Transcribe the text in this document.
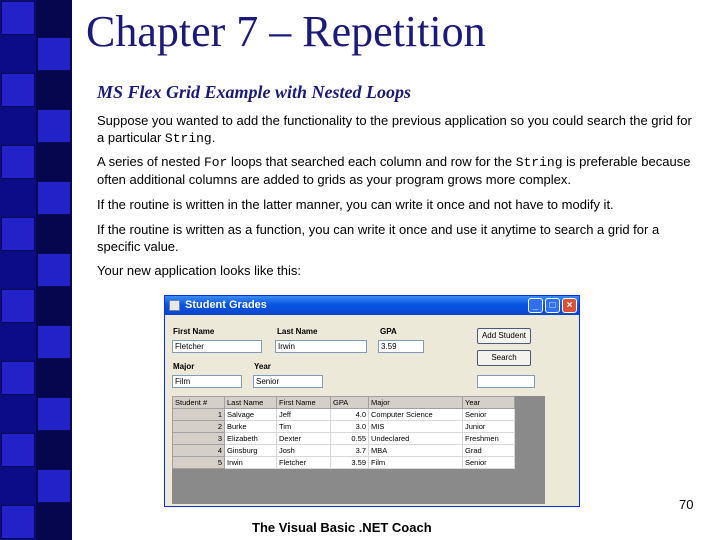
Chapter 7 – Repetition
MS Flex Grid Example with Nested Loops
Suppose you wanted to add the functionality to the previous application so you could search the grid for a particular String.
A series of nested For loops that searched each column and row for the String is preferable because often additional columns are added to grids as your program grows more complex.
If the routine is written in the latter manner, you can write it once and not have to modify it.
If the routine is written as a function, you can write it once and use it anytime to search a grid for a specific value.
Your new application looks like this:
Student Grades	_	□	×
First Name
Fletcher
Last Name
Irwin
GPA
3.59
Major
Film
Year
Senior
Add Student
Search
Student #	Last Name	First Name	GPA	Major	Year
1	Salvage	Jeff	4.0	Computer Science	Senior
2	Burke	Tim	3.0	MIS	Junior
3	Elizabeth	Dexter	0.55	Undeclared	Freshmen
4	Ginsburg	Josh	3.7	MBA	Grad
5	Irwin	Fletcher	3.59	Film	Senior
70
The Visual Basic .NET Coach
